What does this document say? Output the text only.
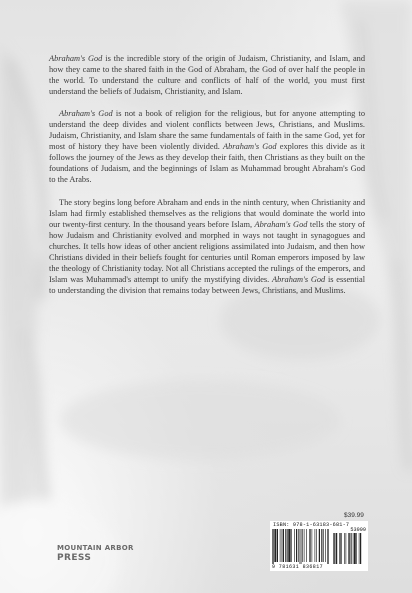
Abraham's God is the incredible story of the origin of Judaism, Christianity, and Islam, and how they came to the shared faith in the God of Abraham, the God of over half the people in the world. To understand the culture and conflicts of half of the world, you must first understand the beliefs of Judaism, Christianity, and Islam.

Abraham's God is not a book of religion for the religious, but for anyone attempting to understand the deep divides and violent conflicts between Jews, Christians, and Muslims. Judaism, Christianity, and Islam share the same fundamentals of faith in the same God, yet for most of history they have been violently divided. Abraham's God explores this divide as it follows the journey of the Jews as they develop their faith, then Christians as they built on the foundations of Judaism, and the beginnings of Islam as Muhammad brought Abraham's God to the Arabs.

The story begins long before Abraham and ends in the ninth century, when Christianity and Islam had firmly established themselves as the religions that would dominate the world into our twenty-first century. In the thousand years before Islam, Abraham's God tells the story of how Judaism and Christianity evolved and morphed in ways not taught in synagogues and churches. It tells how ideas of other ancient religions assimilated into Judaism, and then how Christians divided in their beliefs fought for centuries until Roman emperors imposed by law the theology of Christianity today. Not all Christians accepted the rulings of the emperors, and Islam was Muhammad's attempt to unify the mystifying divides. Abraham's God is essential to understanding the division that remains today between Jews, Christians, and Muslims.

MOUNTAIN ARBOR
PRESS
$39.99
ISBN: 978-1-63183-681-7
53999
9 781631 836817
